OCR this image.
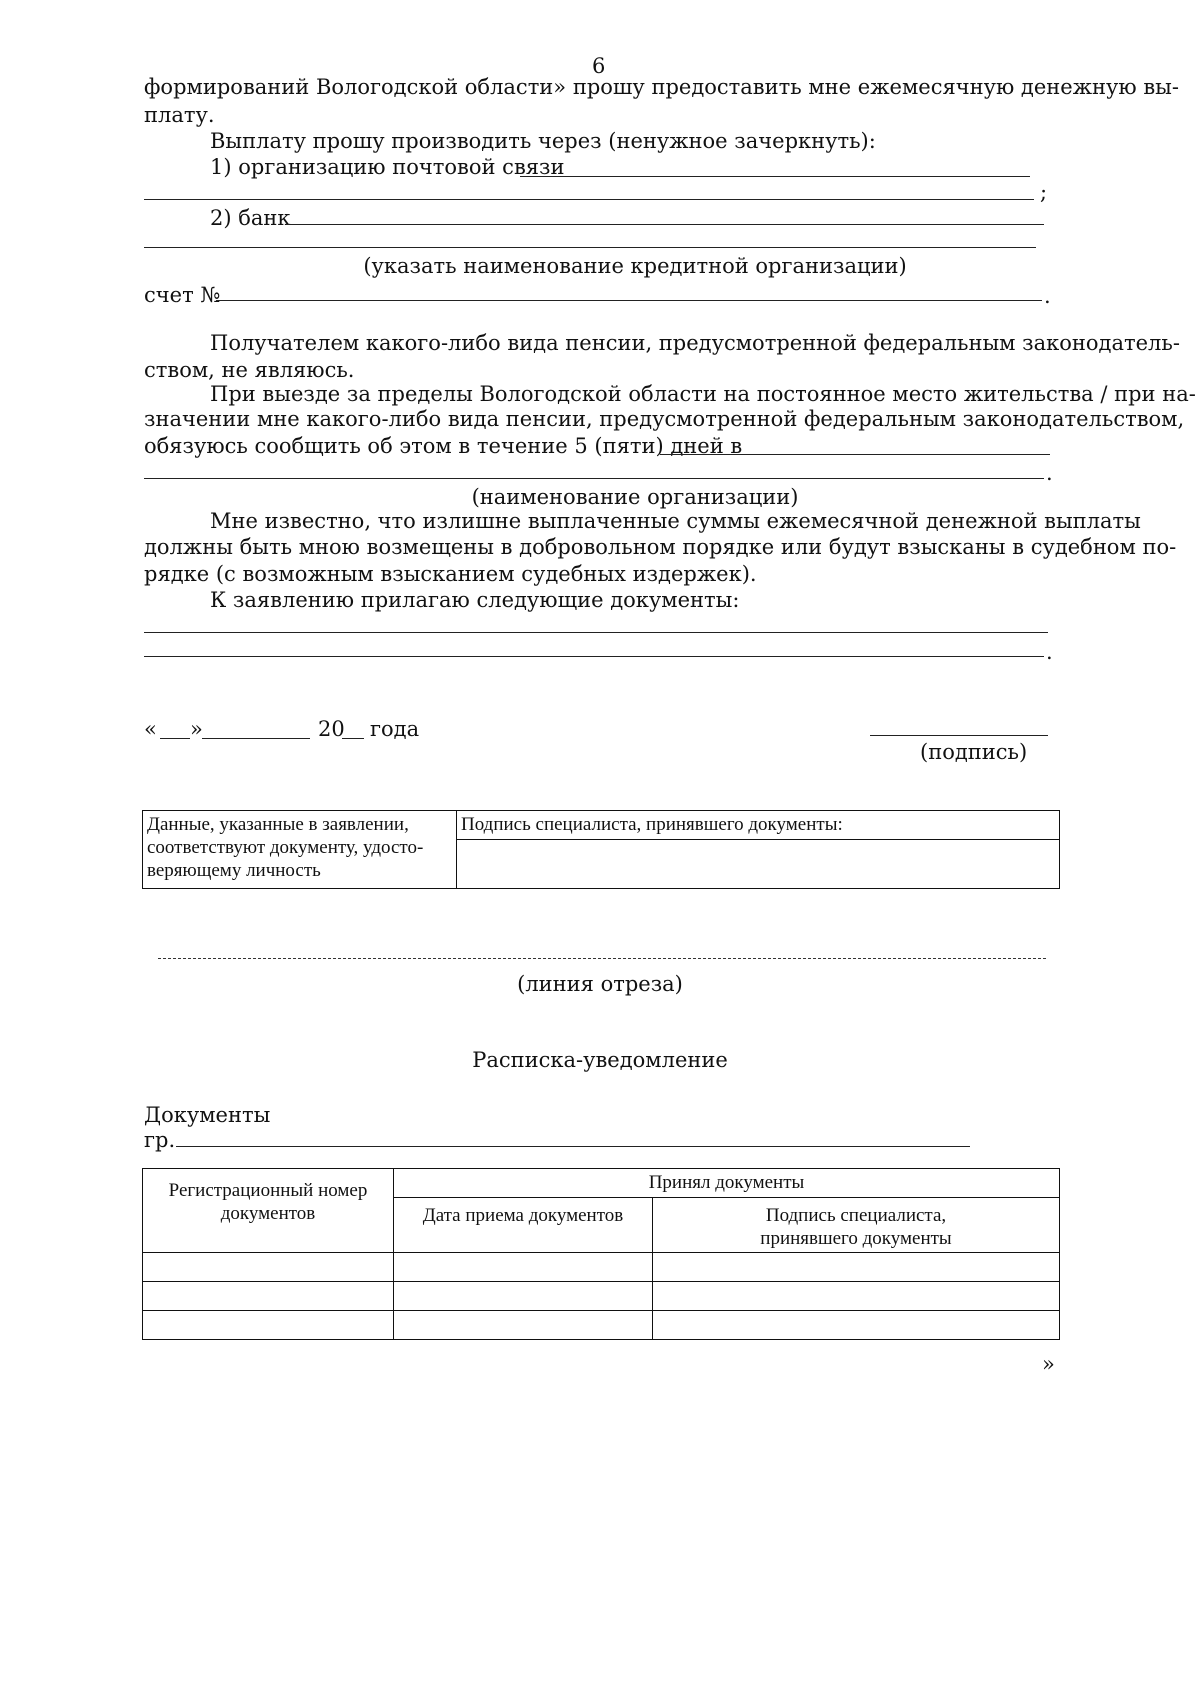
6
формирований Вологодской области» прошу предоставить мне ежемесячную денежную вы-
плату.
Выплату прошу производить через (ненужное зачеркнуть):
1) организацию почтовой связи
;
2) банк
(указать наименование кредитной организации)
счет №	.
Получателем какого-либо вида пенсии, предусмотренной федеральным законодатель-
ством, не являюсь.
При выезде за пределы Вологодской области на постоянное место жительства / при на-
значении мне какого-либо вида пенсии, предусмотренной федеральным законодательством,
обязуюсь сообщить об этом в течение 5 (пяти) дней в
.
(наименование организации)
Мне известно, что излишне выплаченные суммы ежемесячной денежной выплаты
должны быть мною возмещены в добровольном порядке или будут взысканы в судебном по-
рядке (с возможным взысканием судебных издержек).
К заявлению прилагаю следующие документы:
.
« »	20 года
(подпись)
Данные, указанные в заявлении,
соответствуют документу, удосто-
веряющему личность
	Подпись специалиста, принявшего документы:

(линия отреза)
Расписка-уведомление
Документы
гр.
Регистрационный номер
документов	Принял документы	
	Дата приема документов	Подпись специалиста,
принявшего документы

»
